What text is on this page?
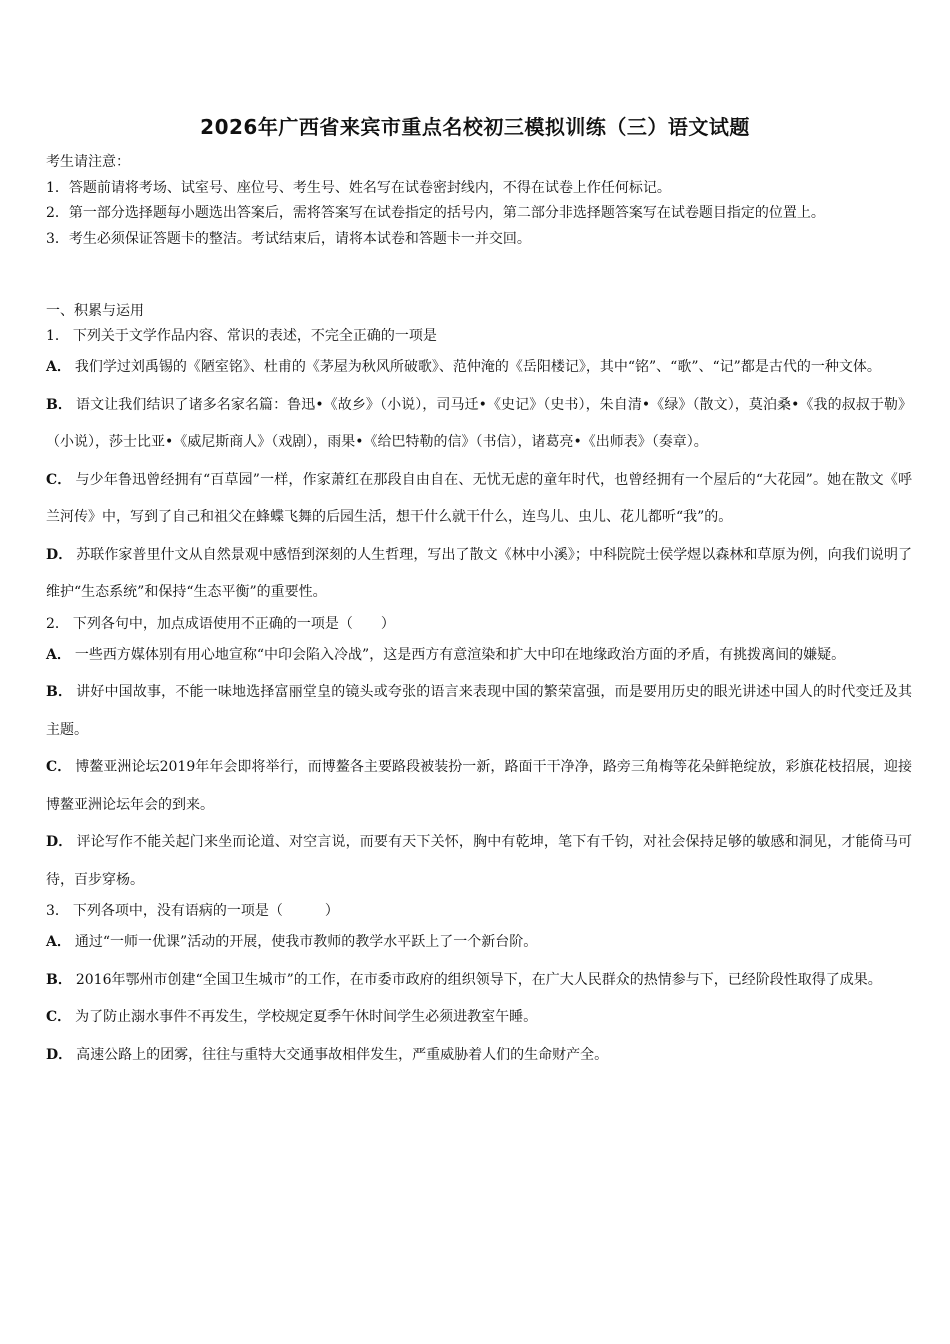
2026年广西省来宾市重点名校初三模拟训练（三）语文试题

考生请注意：

1．答题前请将考场、试室号、座位号、考生号、姓名写在试卷密封线内，不得在试卷上作任何标记。

2．第一部分选择题每小题选出答案后，需将答案写在试卷指定的括号内，第二部分非选择题答案写在试卷题目指定的位置上。

3．考生必须保证答题卡的整洁。考试结束后，请将本试卷和答题卡一并交回。

一、积累与运用

1． 下列关于文学作品内容、常识的表述，不完全正确的一项是

A． 我们学过刘禹锡的《陋室铭》、杜甫的《茅屋为秋风所破歌》、范仲淹的《岳阳楼记》，其中“铭”、“歌”、“记”都是古代的一种文体。

B． 语文让我们结识了诸多名家名篇：鲁迅•《故乡》（小说），司马迁•《史记》（史书），朱自清•《绿》（散文），莫泊桑•《我的叔叔于勒》（小说），莎士比亚•《威尼斯商人》（戏剧），雨果•《给巴特勒的信》（书信），诸葛亮•《出师表》（奏章）。

C． 与少年鲁迅曾经拥有“百草园”一样，作家萧红在那段自由自在、无忧无虑的童年时代，也曾经拥有一个屋后的“大花园”。她在散文《呼兰河传》中，写到了自己和祖父在蜂蝶飞舞的后园生活，想干什么就干什么，连鸟儿、虫儿、花儿都听“我”的。

D． 苏联作家普里什文从自然景观中感悟到深刻的人生哲理，写出了散文《林中小溪》；中科院院士侯学煜以森林和草原为例，向我们说明了维护“生态系统”和保持“生态平衡”的重要性。

2． 下列各句中，加点成语使用不正确的一项是（　　）

A． 一些西方媒体别有用心地宣称“中印会陷入冷战”，这是西方有意渲染和扩大中印在地缘政治方面的矛盾，有挑拨离间的嫌疑。

B． 讲好中国故事，不能一味地选择富丽堂皇的镜头或夸张的语言来表现中国的繁荣富强，而是要用历史的眼光讲述中国人的时代变迁及其主题。

C． 博鳌亚洲论坛2019年年会即将举行，而博鳌各主要路段被装扮一新，路面干干净净，路旁三角梅等花朵鲜艳绽放，彩旗花枝招展，迎接博鳌亚洲论坛年会的到来。

D． 评论写作不能关起门来坐而论道、对空言说，而要有天下关怀，胸中有乾坤，笔下有千钧，对社会保持足够的敏感和洞见，才能倚马可待，百步穿杨。

3． 下列各项中，没有语病的一项是（　　　）

A． 通过“一师一优课”活动的开展，使我市教师的教学水平跃上了一个新台阶。

B． 2016年鄂州市创建“全国卫生城市”的工作，在市委市政府的组织领导下，在广大人民群众的热情参与下，已经阶段性取得了成果。

C． 为了防止溺水事件不再发生，学校规定夏季午休时间学生必须进教室午睡。

D． 高速公路上的团雾，往往与重特大交通事故相伴发生，严重威胁着人们的生命财产全。
